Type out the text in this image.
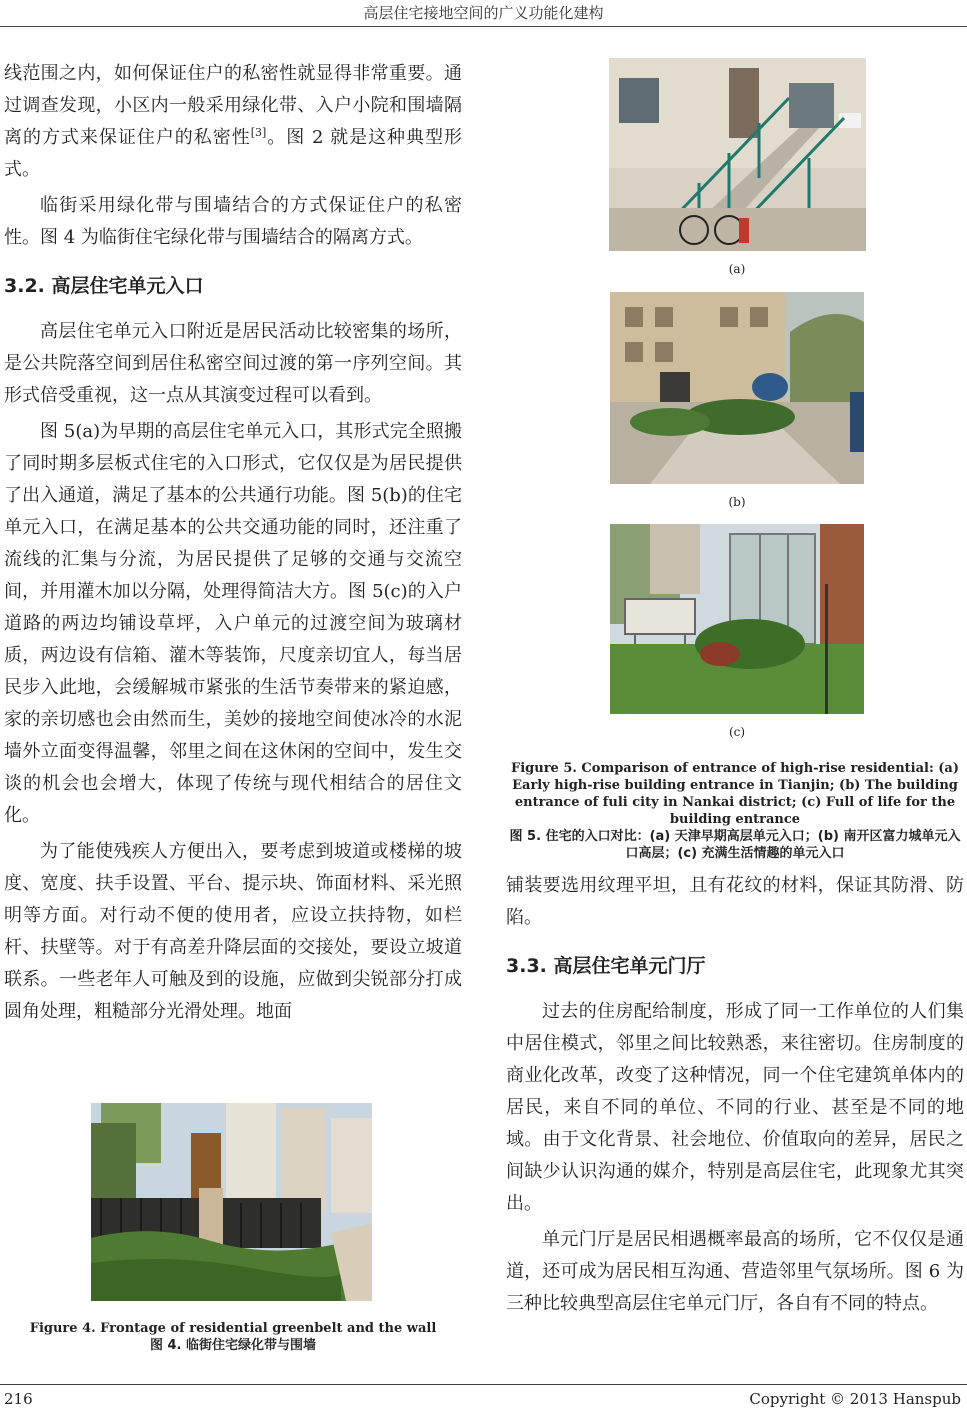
高层住宅接地空间的广义功能化建构

线范围之内，如何保证住户的私密性就显得非常重要。通过调查发现，小区内一般采用绿化带、入户小院和围墙隔离的方式来保证住户的私密性[3]。图 2 就是这种典型形式。

临街采用绿化带与围墙结合的方式保证住户的私密性。图 4 为临街住宅绿化带与围墙结合的隔离方式。

3.2. 高层住宅单元入口

高层住宅单元入口附近是居民活动比较密集的场所，是公共院落空间到居住私密空间过渡的第一序列空间。其形式倍受重视，这一点从其演变过程可以看到。

图 5(a)为早期的高层住宅单元入口，其形式完全照搬了同时期多层板式住宅的入口形式，它仅仅是为居民提供了出入通道，满足了基本的公共通行功能。图 5(b)的住宅单元入口，在满足基本的公共交通功能的同时，还注重了流线的汇集与分流，为居民提供了足够的交通与交流空间，并用灌木加以分隔，处理得简洁大方。图 5(c)的入户道路的两边均铺设草坪，入户单元的过渡空间为玻璃材质，两边设有信箱、灌木等装饰，尺度亲切宜人，每当居民步入此地，会缓解城市紧张的生活节奏带来的紧迫感，家的亲切感也会由然而生，美妙的接地空间使冰冷的水泥墙外立面变得温馨，邻里之间在这休闲的空间中，发生交谈的机会也会增大，体现了传统与现代相结合的居住文化。

为了能使残疾人方便出入，要考虑到坡道或楼梯的坡度、宽度、扶手设置、平台、提示块、饰面材料、采光照明等方面。对行动不便的使用者，应设立扶持物，如栏杆、扶壁等。对于有高差升降层面的交接处，要设立坡道联系。一些老年人可触及到的设施，应做到尖锐部分打成圆角处理，粗糙部分光滑处理。地面

Figure 4. Frontage of residential greenbelt and the wall
图 4. 临街住宅绿化带与围墙
(a)
(b)
(c)
Figure 5. Comparison of entrance of high-rise residential: (a) Early high-rise building entrance in Tianjin; (b) The building entrance of fuli city in Nankai district; (c) Full of life for the building entrance
图 5. 住宅的入口对比：(a) 天津早期高层单元入口；(b) 南开区富力城单元入口高层；(c) 充满生活情趣的单元入口

铺装要选用纹理平坦，且有花纹的材料，保证其防滑、防陷。

3.3. 高层住宅单元门厅

过去的住房配给制度，形成了同一工作单位的人们集中居住模式，邻里之间比较熟悉，来往密切。住房制度的商业化改革，改变了这种情况，同一个住宅建筑单体内的居民，来自不同的单位、不同的行业、甚至是不同的地域。由于文化背景、社会地位、价值取向的差异，居民之间缺少认识沟通的媒介，特别是高层住宅，此现象尤其突出。

单元门厅是居民相遇概率最高的场所，它不仅仅是通道，还可成为居民相互沟通、营造邻里气氛场所。图 6 为三种比较典型高层住宅单元门厅，各自有不同的特点。

216	Copyright © 2013 Hanspub
